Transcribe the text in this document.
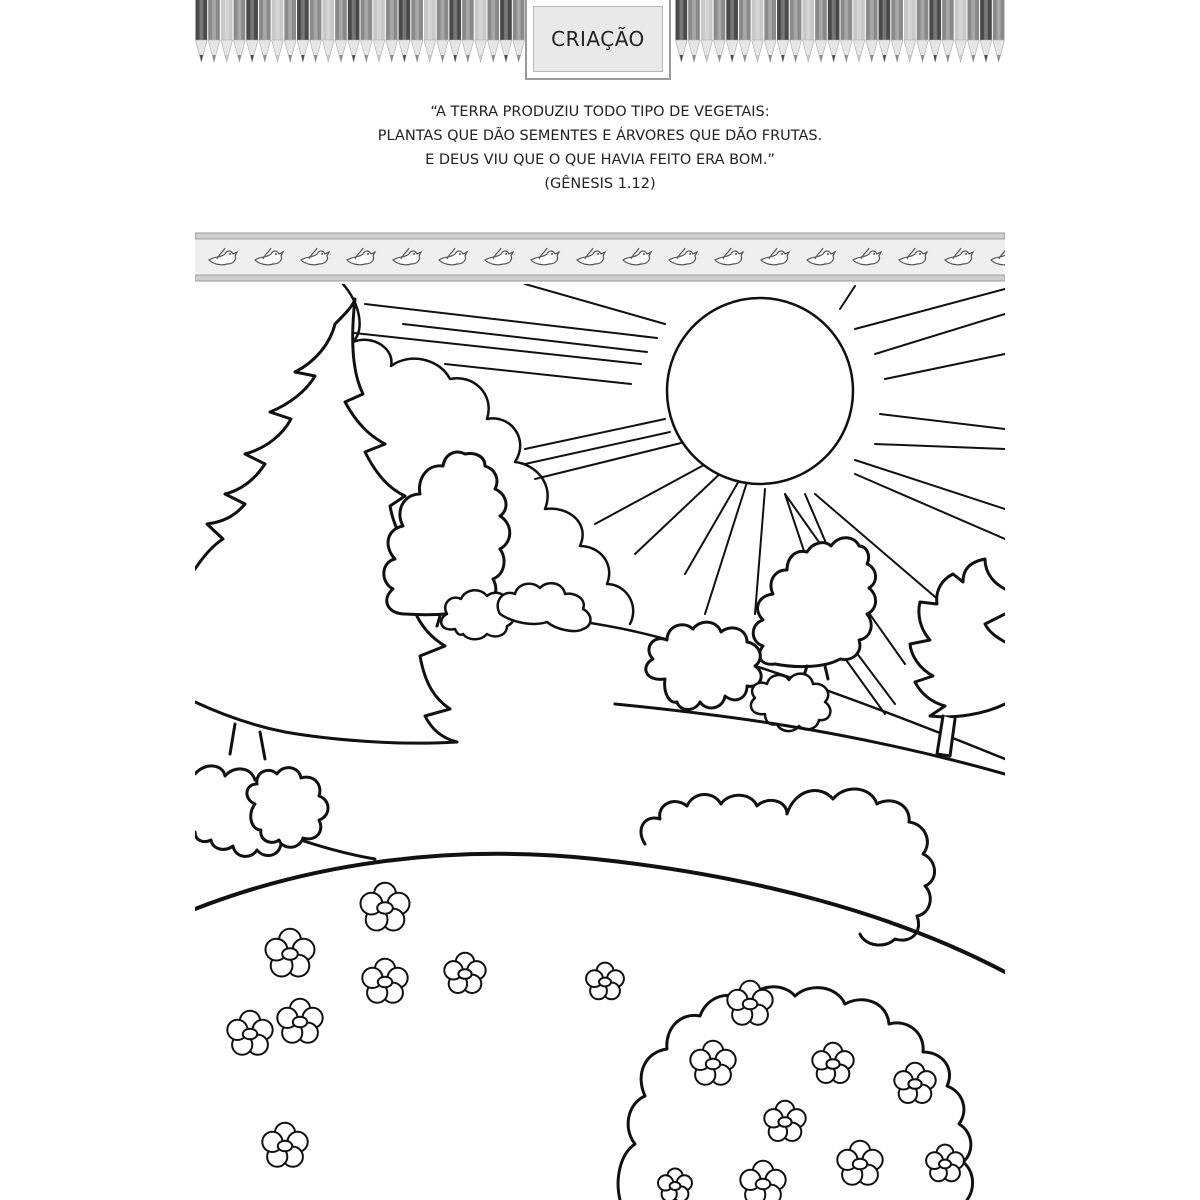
CRIAÇÃO
“A TERRA PRODUZIU TODO TIPO DE VEGETAIS:
PLANTAS QUE DÃO SEMENTES E ÁRVORES QUE DÃO FRUTAS.
E DEUS VIU QUE O QUE HAVIA FEITO ERA BOM.”
(GÊNESIS 1.12)
